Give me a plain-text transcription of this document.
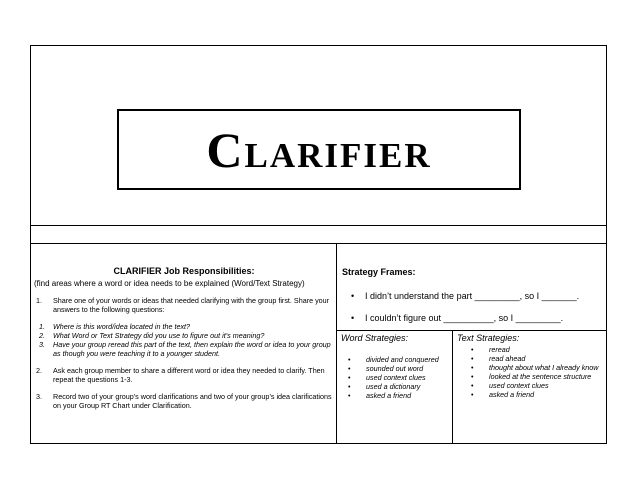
Clarifier
CLARIFIER Job Responsibilities:
(find areas where a word or idea needs to be explained (Word/Text Strategy)
1. Share one of your words or ideas that needed clarifying with the group first. Share your answers to the following questions:
1. Where is this word/idea located in the text?
2. What Word or Text Strategy did you use to figure out it’s meaning?
3. Have your group reread this part of the text, then explain the word or idea to your group as though you were teaching it to a younger student.
2. Ask each group member to share a different word or idea they needed to clarify. Then repeat the questions 1-3.
3. Record two of your group’s word clarifications and two of your group’s idea clarifications on your Group RT Chart under Clarification.
Strategy Frames:
• I didn’t understand the part _________, so I _______.
• I couldn’t figure out __________, so I _________.
Word Strategies:
• divided and conquered
• sounded out word
• used context clues
• used a dictionary
• asked a friend
Text Strategies:
• reread
• read ahead
• thought about what I already know
• looked at the sentence structure
• used context clues
• asked a friend
